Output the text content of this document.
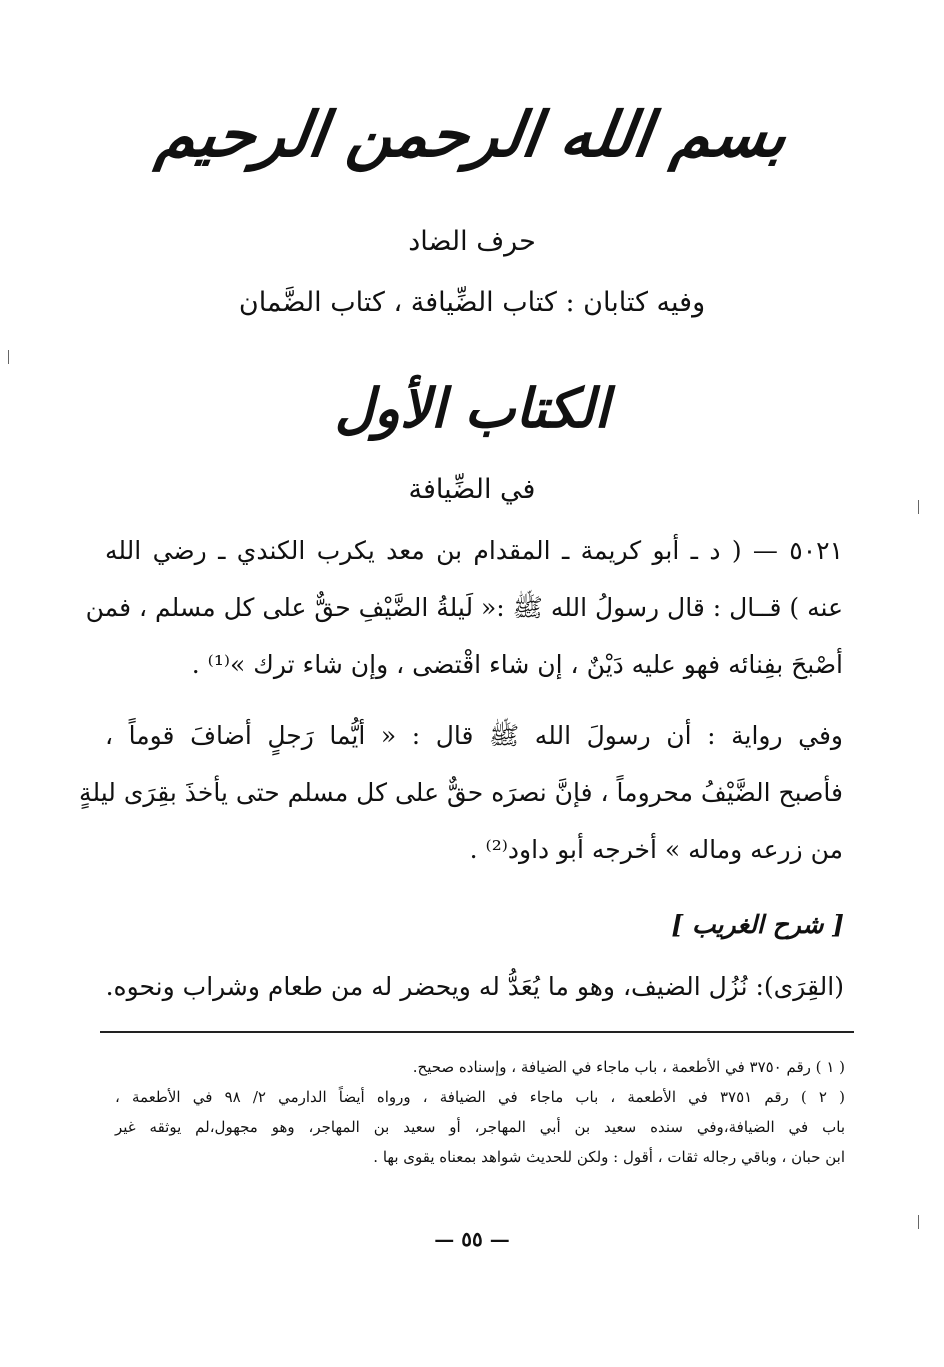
بسم الله الرحمن الرحيم
حرف الضاد
وفيه كتابان : كتاب الضِّيافة ، كتاب الضَّمان
الكتاب الأول
في الضِّيافة
٥٠٢١ — ( د ـ أبو كريمة ـ المقدام بن معد يكرب الكندي ـ رضي الله
عنه ) قــال : قال رسولُ الله ﷺ :« لَيلةُ الضَّيْفِ حقٌّ على كل مسلم ، فمن
أصْبحَ بفِنائه فهو عليه دَيْنٌ ، إن شاء اقْتضى ، وإن شاء ترك »⁽¹⁾ .
وفي رواية : أن رسولَ الله ﷺ قال : « أيُّما رَجلٍ أضافَ قوماً ،
فأصبح الضَّيْفُ محروماً ، فإنَّ نصرَه حقٌّ على كل مسلم حتى يأخذَ بقِرَى ليلةٍ
من زرعه وماله » أخرجه أبو داود⁽²⁾ .
[ شرح الغريب ]
(القِرَى): نُزُل الضيف، وهو ما يُعَدُّ له ويحضر له من طعام وشراب ونحوه.
( ١ ) رقم ٣٧٥٠ في الأطعمة ، باب ماجاء في الضيافة ، وإسناده صحيح.
( ٢ ) رقم ٣٧٥١ في الأطعمة ، باب ماجاء في الضيافة ، ورواه أيضاً الدارمي ٢/ ٩٨ في الأطعمة ،
باب في الضيافة،وفي سنده سعيد بن أبي المهاجر، أو سعيد بن المهاجر، وهو مجهول،لم يوثقه غير
ابن حبان ، وباقي رجاله ثقات ، أقول : ولكن للحديث شواهد بمعناه يقوى بها .
— ٥٥ —
